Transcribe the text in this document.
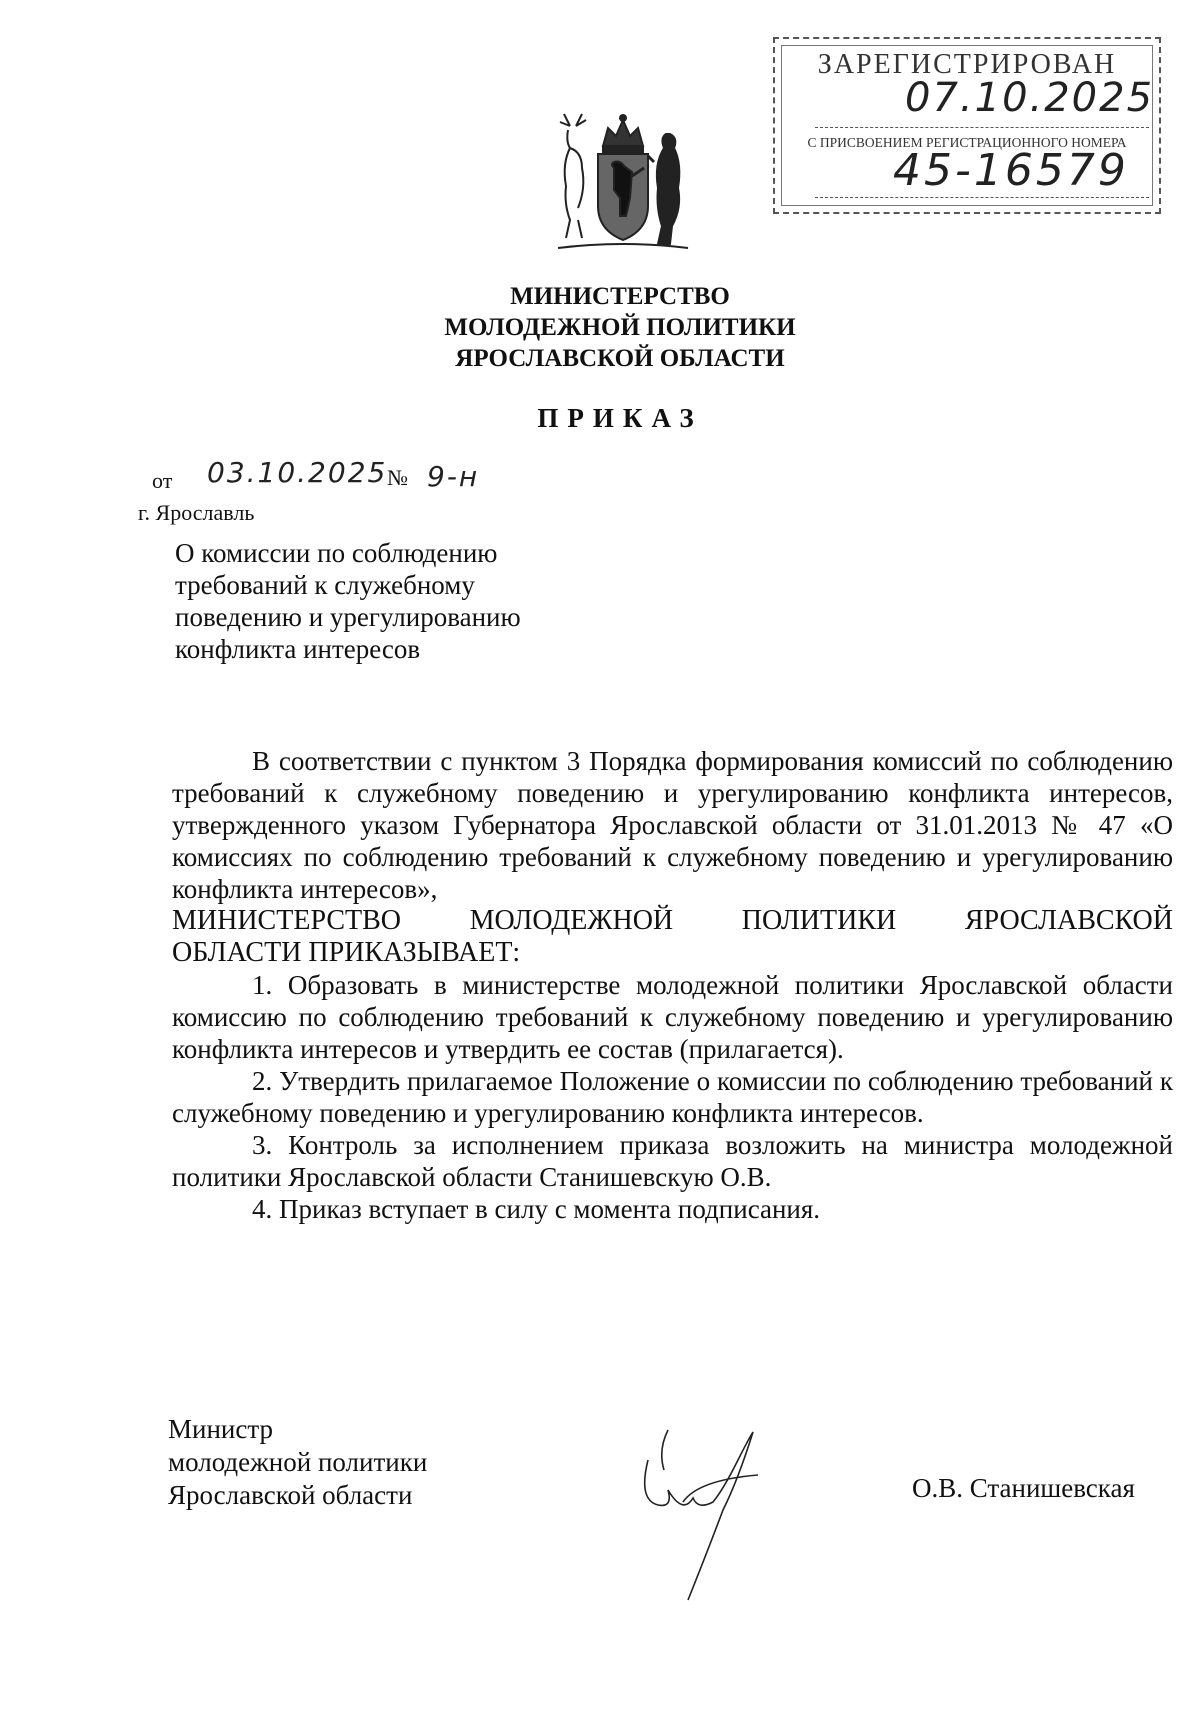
ЗАРЕГИСТРИРОВАН
07.10.2025
С ПРИСВОЕНИЕМ РЕГИСТРАЦИОННОГО НОМЕРА
45-16579
МИНИСТЕРСТВО
МОЛОДЕЖНОЙ ПОЛИТИКИ
ЯРОСЛАВСКОЙ ОБЛАСТИ
ПРИКАЗ
от 03.10.2025 № 9-н
г. Ярославль
О комиссии по соблюдению
требований к служебному
поведению и урегулированию
конфликта интересов

В соответствии с пунктом 3 Порядка формирования комиссий по соблюдению требований к служебному поведению и урегулированию конфликта интересов, утвержденного указом Губернатора Ярославской области от 31.01.2013 № 47 «О комиссиях по соблюдению требований к служебному поведению и урегулированию конфликта интересов»,

МИНИСТЕРСТВО МОЛОДЕЖНОЙ ПОЛИТИКИ ЯРОСЛАВСКОЙ
ОБЛАСТИ ПРИКАЗЫВАЕТ:

1. Образовать в министерстве молодежной политики Ярославской области комиссию по соблюдению требований к служебному поведению и урегулированию конфликта интересов и утвердить ее состав (прилагается).

2. Утвердить прилагаемое Положение о комиссии по соблюдению требований к служебному поведению и урегулированию конфликта интересов.

3. Контроль за исполнением приказа возложить на министра молодежной политики Ярославской области Станишевскую О.В.

4. Приказ вступает в силу с момента подписания.

Министр
молодежной политики
Ярославской области	О.В. Станишевская
